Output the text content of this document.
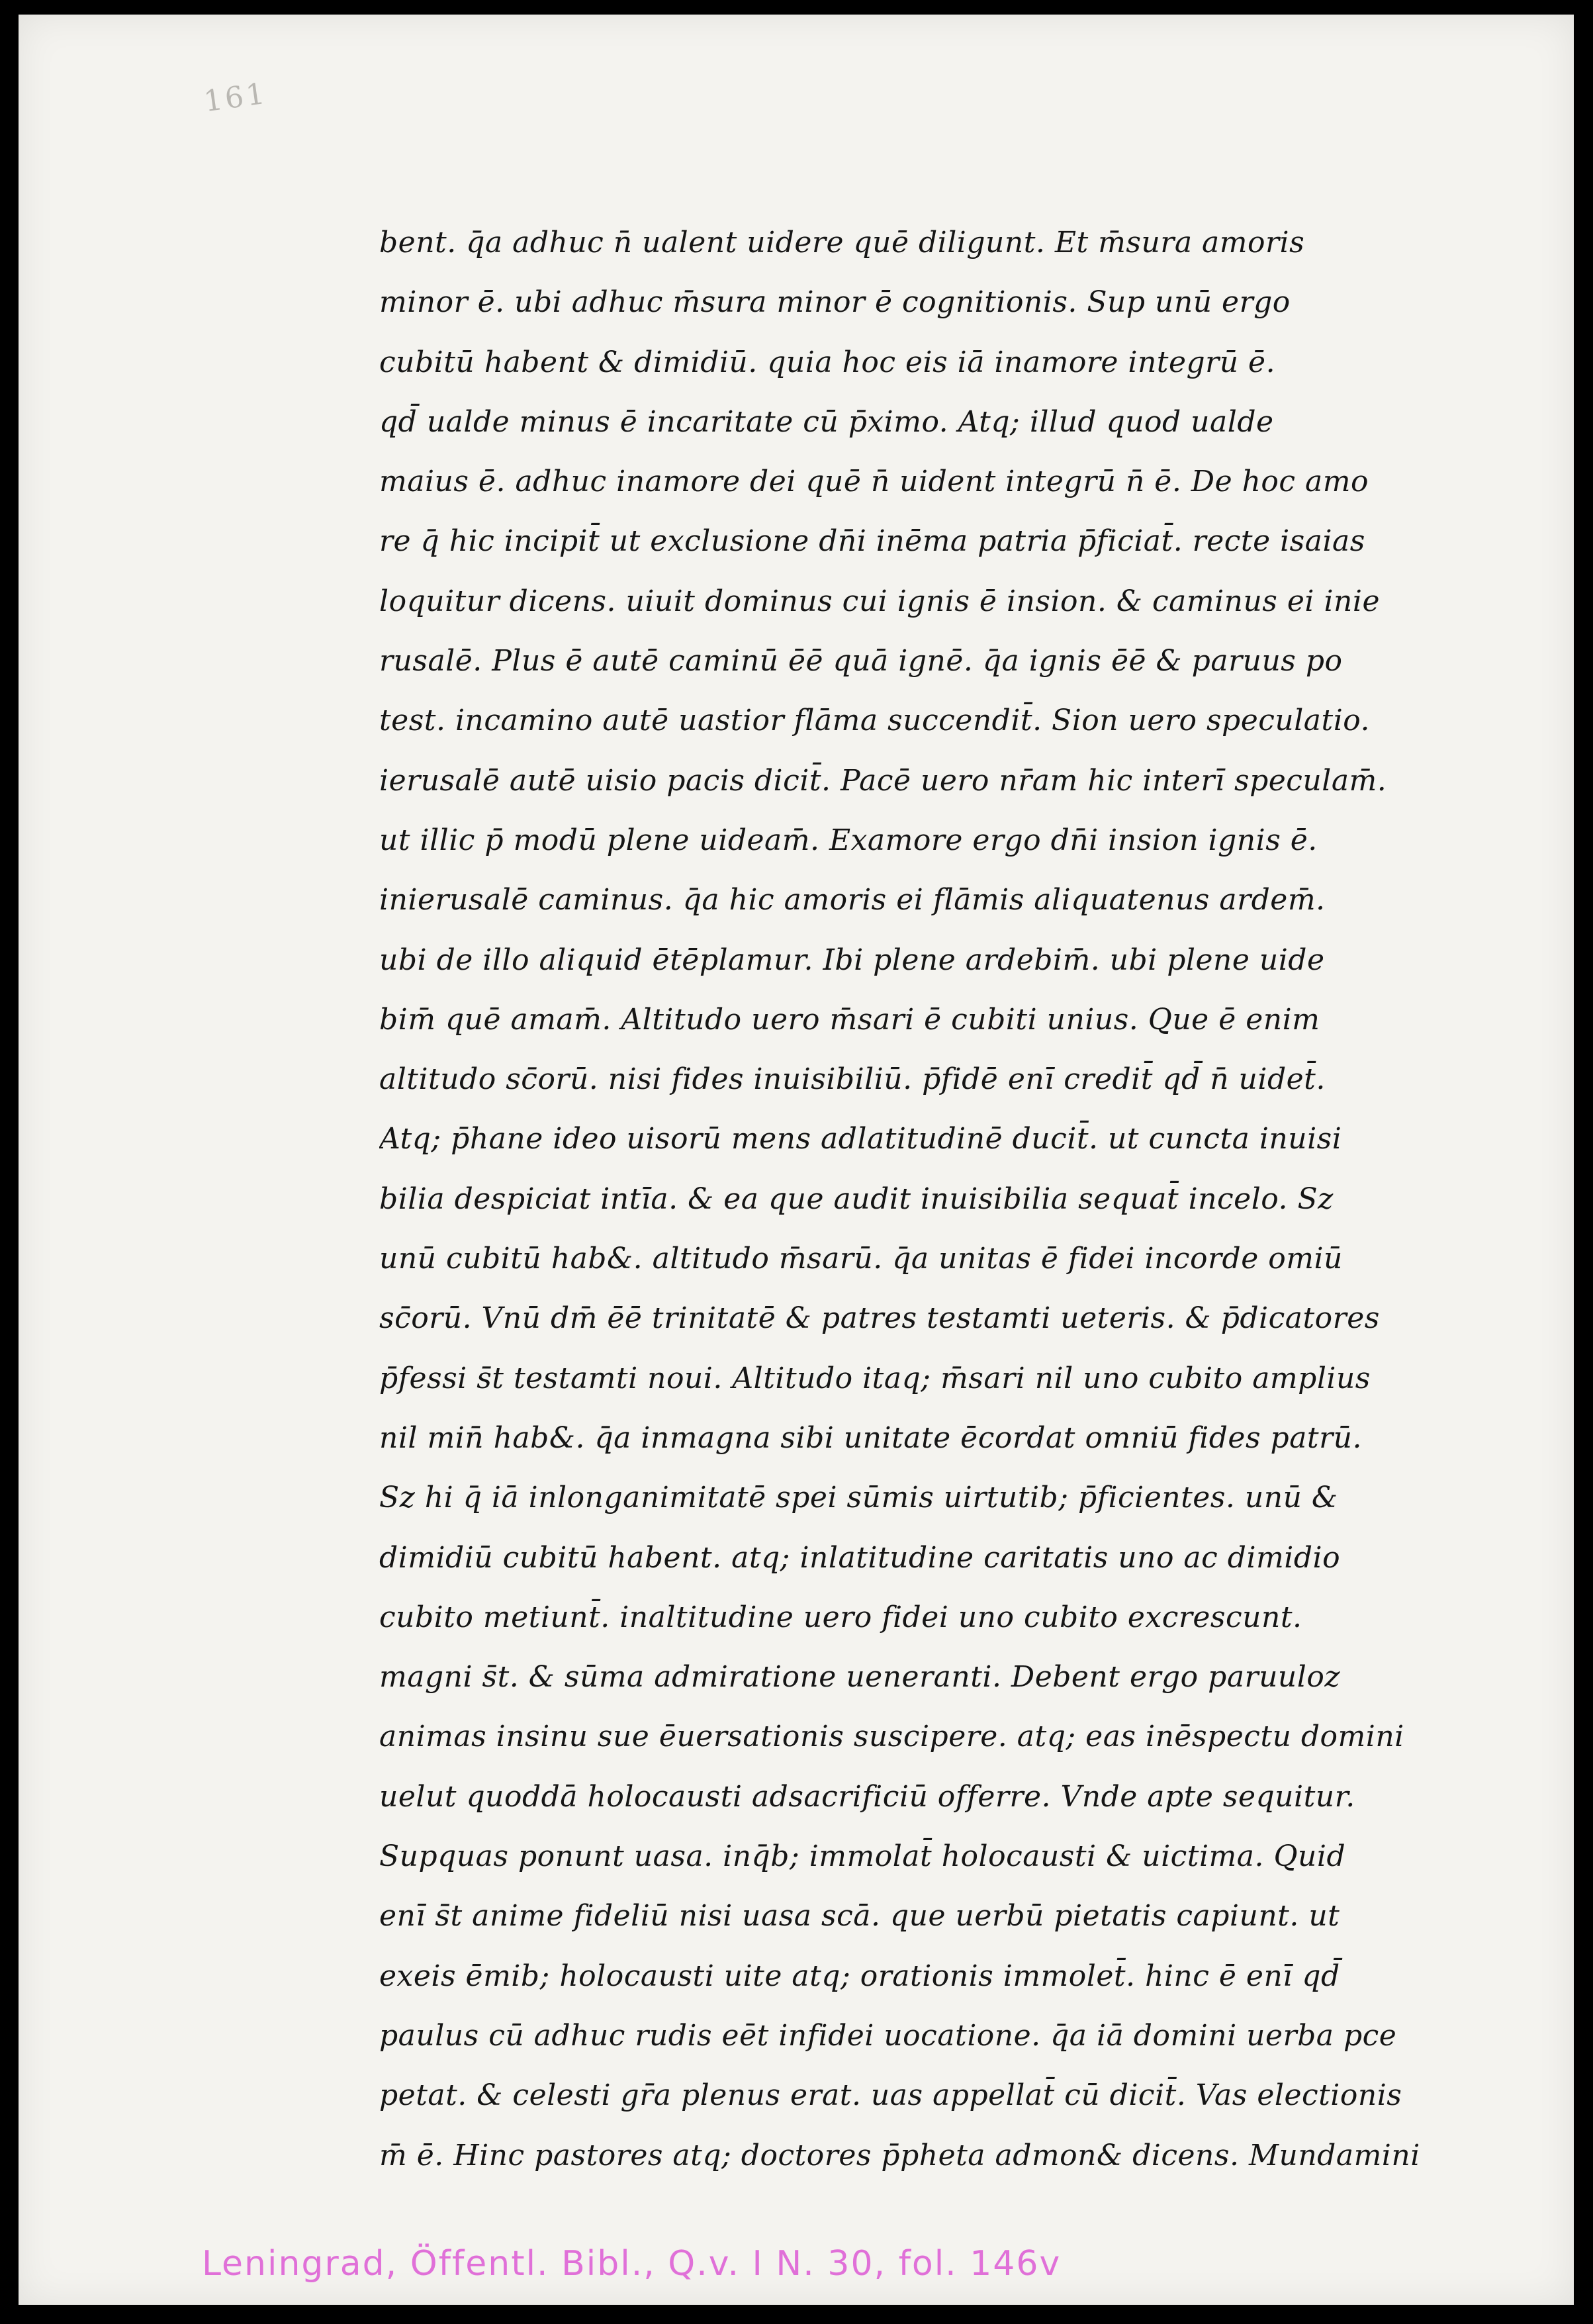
161
bent. q̄a adhuc n̄ ualent uidere quē diligunt. Et m̄sura amoris
minor ē. ubi adhuc m̄sura minor ē cognitionis. Sup unū ergo
cubitū habent & dimidiū. quia hoc eis iā inamore integrū ē.
qd̄ ualde minus ē incaritate cū p̄ximo. Atq; illud quod ualde
maius ē. adhuc inamore dei quē n̄ uident integrū n̄ ē. De hoc amo
re q̄ hic incipit̄ ut exclusione dn̄i inēma patria p̄ficiat̄. recte isaias
loquitur dicens. uiuit dominus cui ignis ē insion. & caminus ei inie
rusalē. Plus ē autē caminū ēē quā ignē. q̄a ignis ēē & paruus po
test. incamino autē uastior flāma succendit̄. Sion uero speculatio.
ierusalē autē uisio pacis dicit̄. Pacē uero nr̄am hic interī speculam̄.
ut illic p̄ modū plene uideam̄. Examore ergo dn̄i insion ignis ē.
inierusalē caminus. q̄a hic amoris ei flāmis aliquatenus ardem̄.
ubi de illo aliquid ētēplamur. Ibi plene ardebim̄. ubi plene uide
bim̄ quē amam̄. Altitudo uero m̄sari ē cubiti unius. Que ē enim
altitudo sc̄orū. nisi fides inuisibiliū. p̄fidē enī credit̄ qd̄ n̄ uidet̄.
Atq; p̄hane ideo uisorū mens adlatitudinē ducit̄. ut cuncta inuisi
bilia despiciat intīa. & ea que audit inuisibilia sequat̄ incelo. Sz
unū cubitū hab&. altitudo m̄sarū. q̄a unitas ē fidei incorde omiū
sc̄orū. Vnū dm̄ ēē trinitatē & patres testamti ueteris. & p̄dicatores
p̄fessi s̄t testamti noui. Altitudo itaq; m̄sari nil uno cubito amplius
nil min̄ hab&. q̄a inmagna sibi unitate ēcordat omniū fides patrū.
Sz hi q̄ iā inlonganimitatē spei sūmis uirtutib; p̄ficientes. unū &
dimidiū cubitū habent. atq; inlatitudine caritatis uno ac dimidio
cubito metiunt̄. inaltitudine uero fidei uno cubito excrescunt.
magni s̄t. & sūma admiratione ueneranti. Debent ergo paruuloz
animas insinu sue ēuersationis suscipere. atq; eas inēspectu domini
uelut quoddā holocausti adsacrificiū offerre. Vnde apte sequitur.
Supquas ponunt uasa. inq̄b; immolat̄ holocausti & uictima. Quid
enī s̄t anime fideliū nisi uasa scā. que uerbū pietatis capiunt. ut
exeis ēmib; holocausti uite atq; orationis immolet̄. hinc ē enī qd̄
paulus cū adhuc rudis eēt infidei uocatione. q̄a iā domini uerba pce
petat. & celesti gr̄a plenus erat. uas appellat̄ cū dicit̄. Vas electionis
m̄ ē. Hinc pastores atq; doctores p̄pheta admon& dicens. Mundamini
Leningrad, Öffentl. Bibl., Q.v. I N. 30, fol. 146v
